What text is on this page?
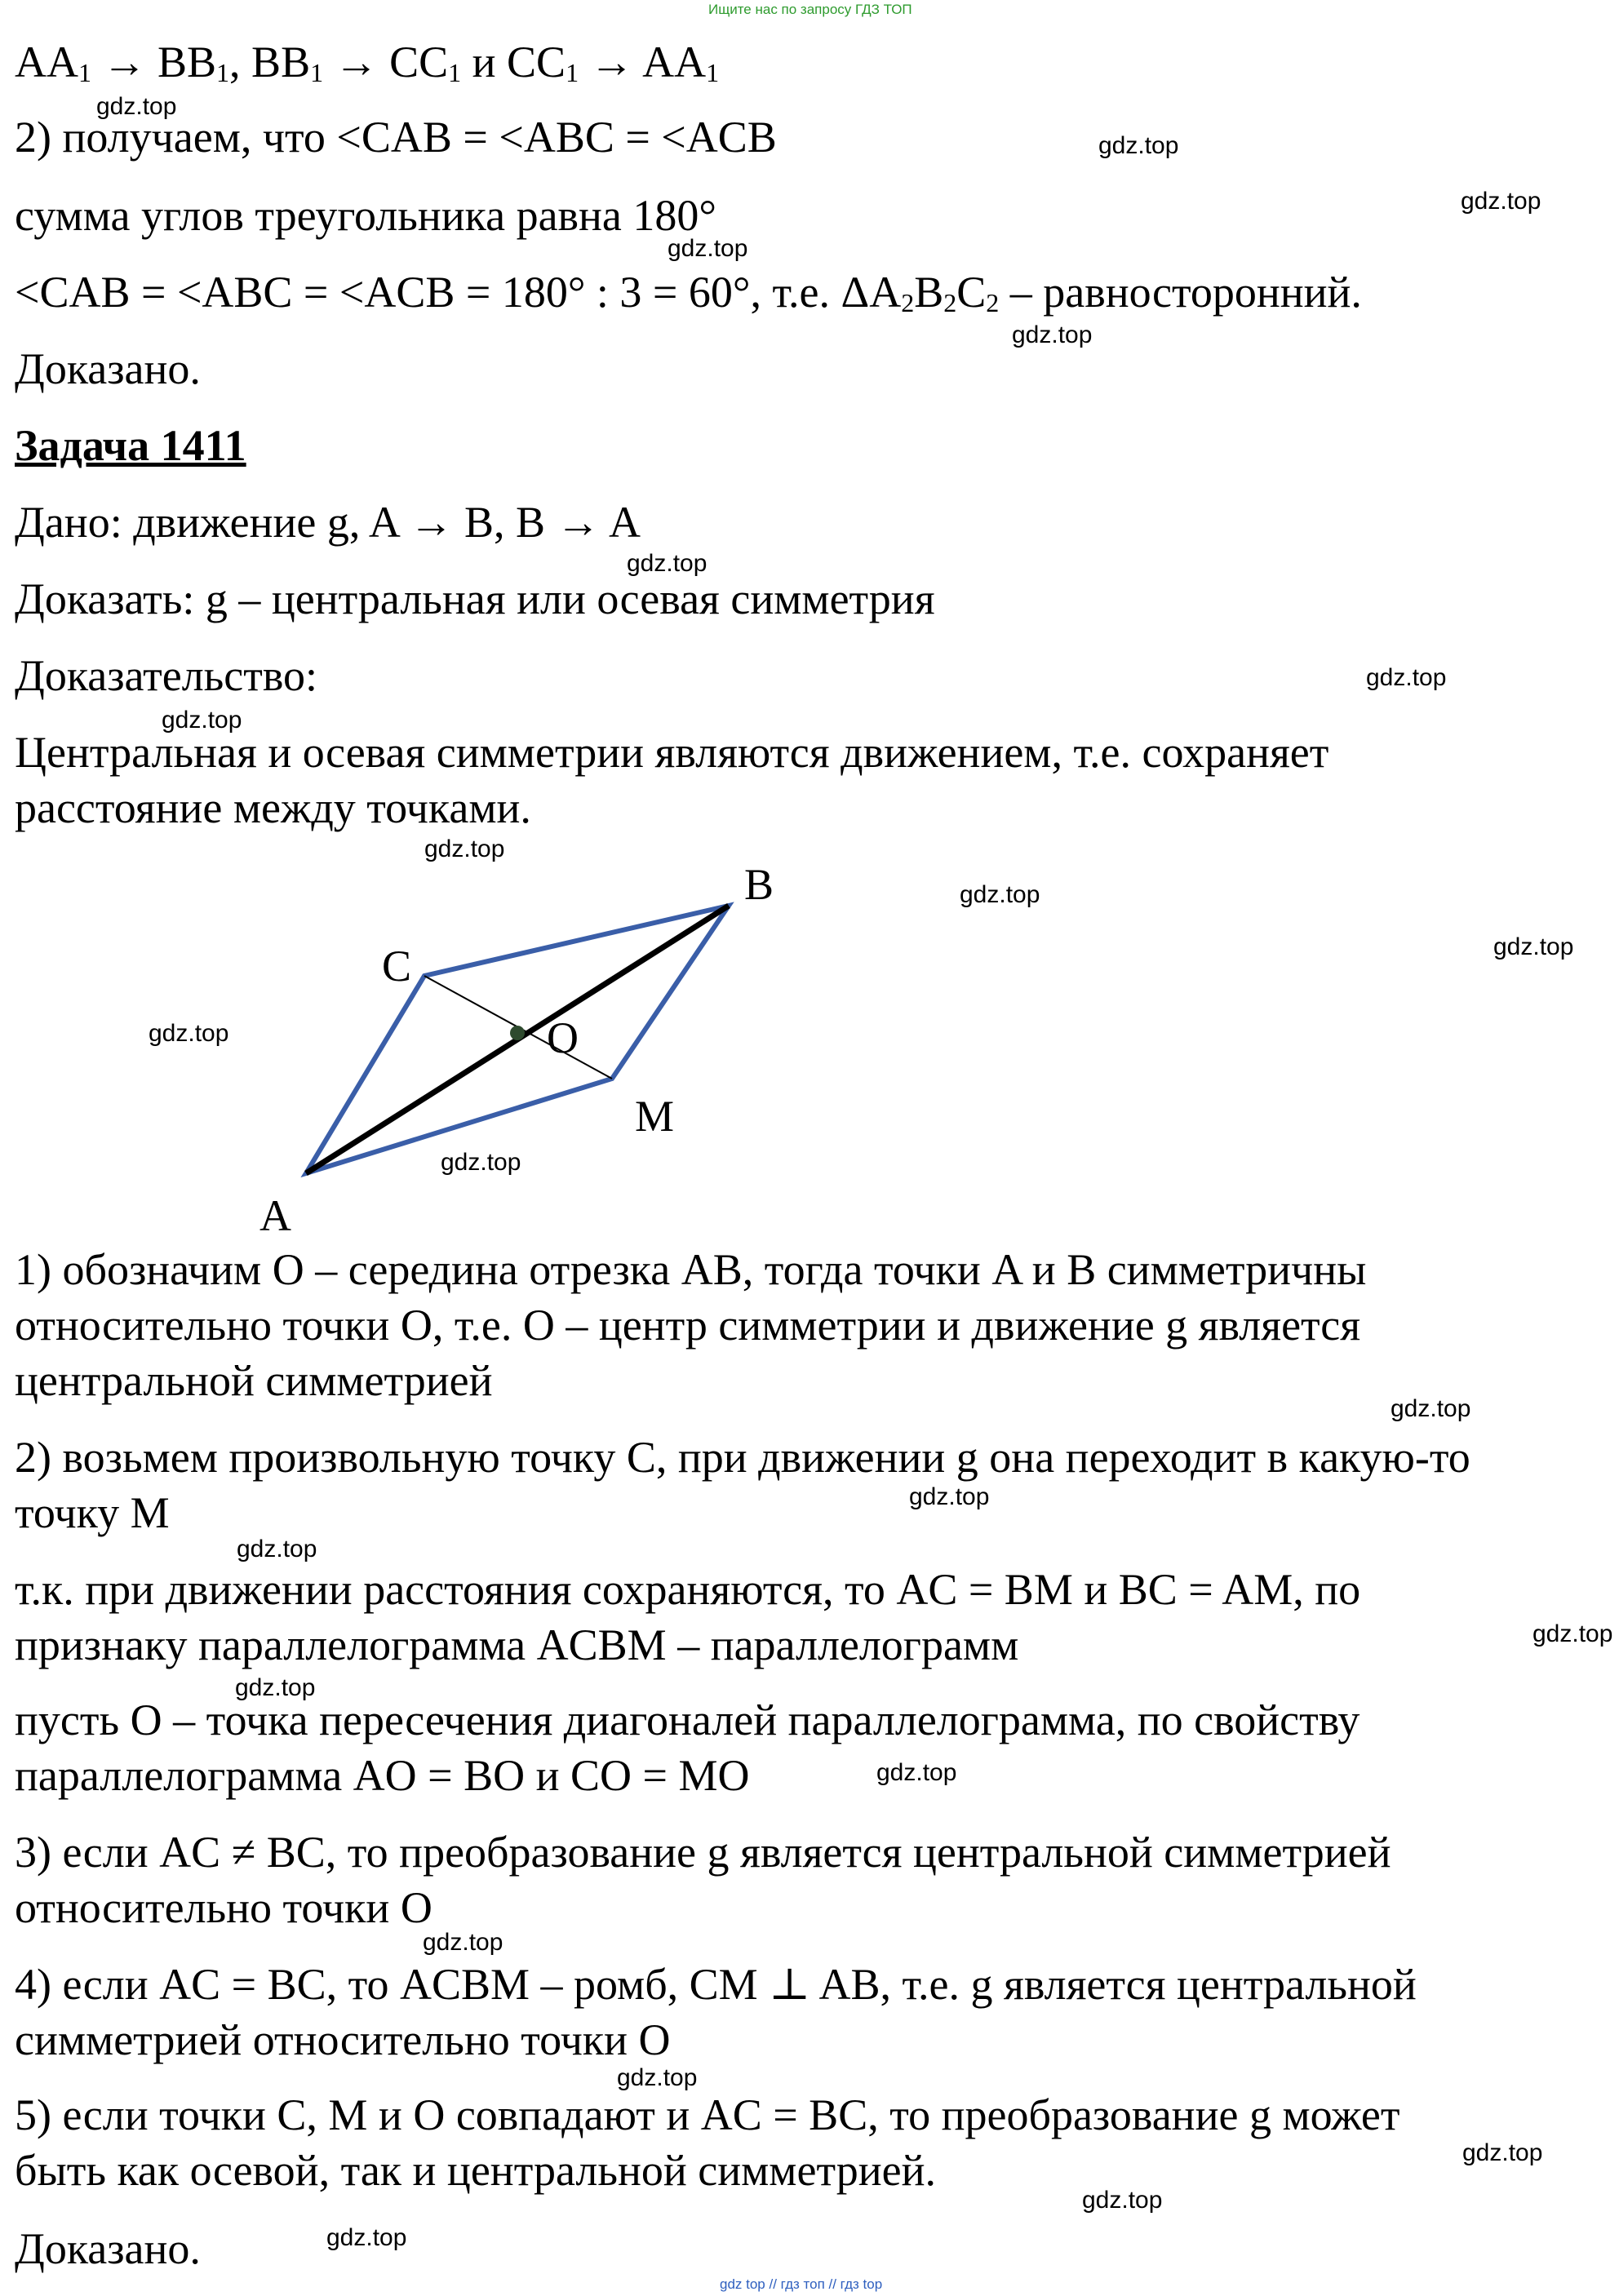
Ищите нас по запросу ГДЗ ТОП
$AA_1 \to BB_1$, $BB_1 \to CC_1$ и $CC_1 \to AA_1$
2) получаем, что <CAB = <ABC = <ACB
сумма углов треугольника равна 180°
<CAB = <ABC = <ACB = 180° : 3 = 60°, т.е. $\Delta A_2B_2C_2$ – равносторонний.
Доказано.
Задача 1411
Дано: движение g, A → B, B → A
Доказать: g – центральная или осевая симметрия
Доказательство:
Центральная и осевая симметрии являются движением, т.е. сохраняет
расстояние между точками.
C
B
O
M
A
1) обозначим O – середина отрезка AB, тогда точки A и B симметричны
относительно точки O, т.е. O – центр симметрии и движение g является
центральной симметрией
2) возьмем произвольную точку C, при движении g она переходит в какую-то
точку M
т.к. при движении расстояния сохраняются, то AC = BM и BC = AM, по
признаку параллелограмма ACBM – параллелограмм
пусть O – точка пересечения диагоналей параллелограмма, по свойству
параллелограмма AO = BO и CO = MO
3) если AC ≠ BC, то преобразование g является центральной симметрией
относительно точки O
4) если AC = BC, то ACBM – ромб, CM ⊥ AB, т.е. g является центральной
симметрией относительно точки O
5) если точки C, M и O совпадают и AC = BC, то преобразование g может
быть как осевой, так и центральной симметрией.
Доказано.
gdz.top
gdz.top
gdz.top
gdz.top
gdz.top
gdz.top
gdz.top
gdz.top
gdz.top
gdz.top
gdz.top
gdz.top
gdz.top
gdz.top
gdz.top
gdz.top
gdz.top
gdz.top
gdz.top
gdz.top
gdz.top
gdz.top
gdz.top
gdz.top
gdz top // гдз топ // гдз top
